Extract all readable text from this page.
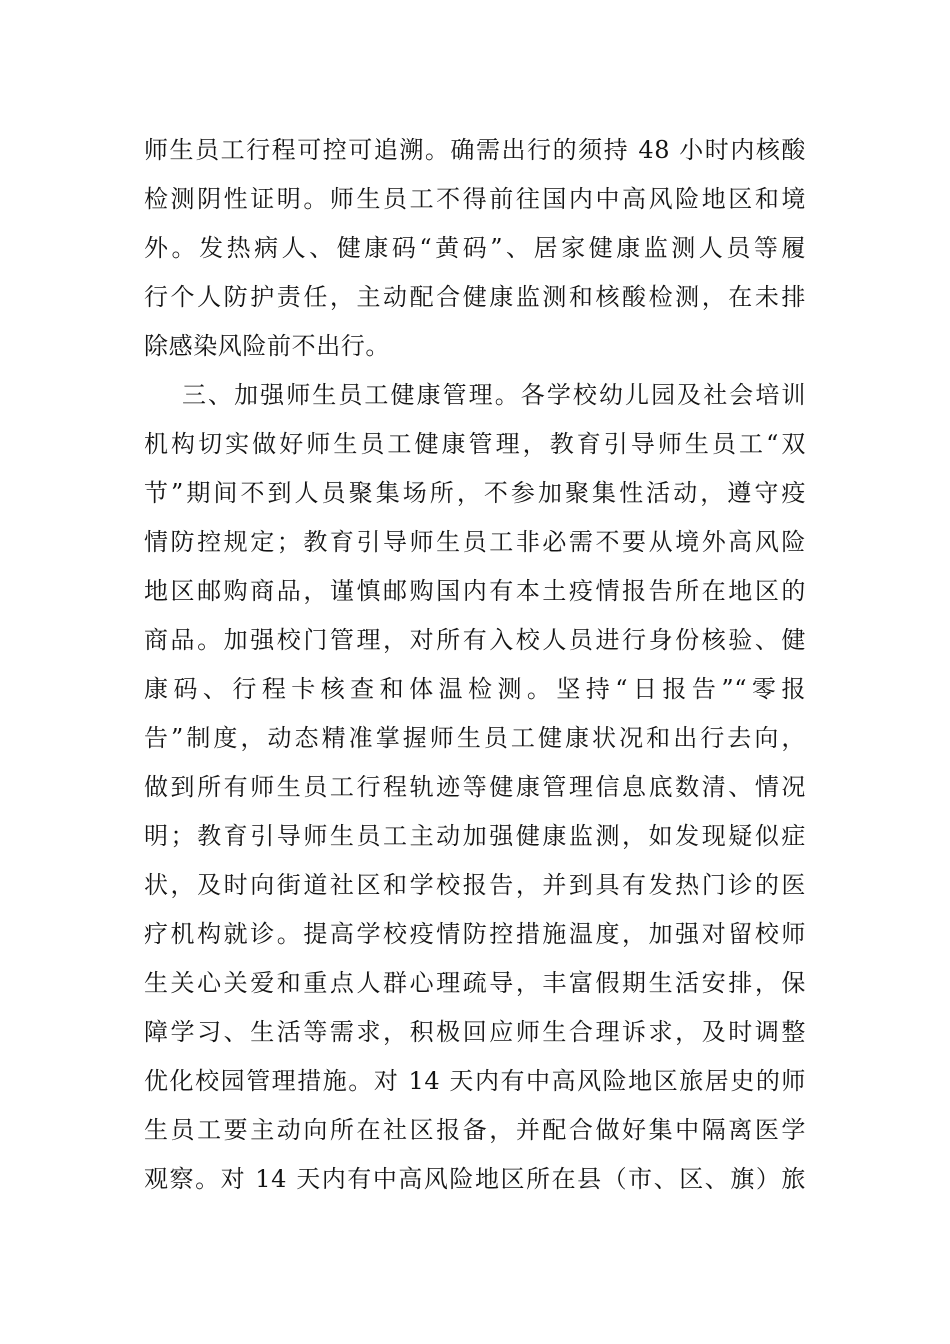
师生员工行程可控可追溯。确需出行的须持 48 小时内核酸
检测阴性证明。师生员工不得前往国内中高风险地区和境
外。发热病人、健康码“黄码”、居家健康监测人员等履
行个人防护责任，主动配合健康监测和核酸检测，在未排
除感染风险前不出行。
三、加强师生员工健康管理。各学校幼儿园及社会培训
机构切实做好师生员工健康管理，教育引导师生员工“双
节”期间不到人员聚集场所，不参加聚集性活动，遵守疫
情防控规定；教育引导师生员工非必需不要从境外高风险
地区邮购商品，谨慎邮购国内有本土疫情报告所在地区的
商品。加强校门管理，对所有入校人员进行身份核验、健
康码、行程卡核查和体温检测。坚持“日报告”“零报
告”制度，动态精准掌握师生员工健康状况和出行去向，
做到所有师生员工行程轨迹等健康管理信息底数清、情况
明；教育引导师生员工主动加强健康监测，如发现疑似症
状，及时向街道社区和学校报告，并到具有发热门诊的医
疗机构就诊。提高学校疫情防控措施温度，加强对留校师
生关心关爱和重点人群心理疏导，丰富假期生活安排，保
障学习、生活等需求，积极回应师生合理诉求，及时调整
优化校园管理措施。对 14 天内有中高风险地区旅居史的师
生员工要主动向所在社区报备，并配合做好集中隔离医学
观察。对 14 天内有中高风险地区所在县（市、区、旗）旅
